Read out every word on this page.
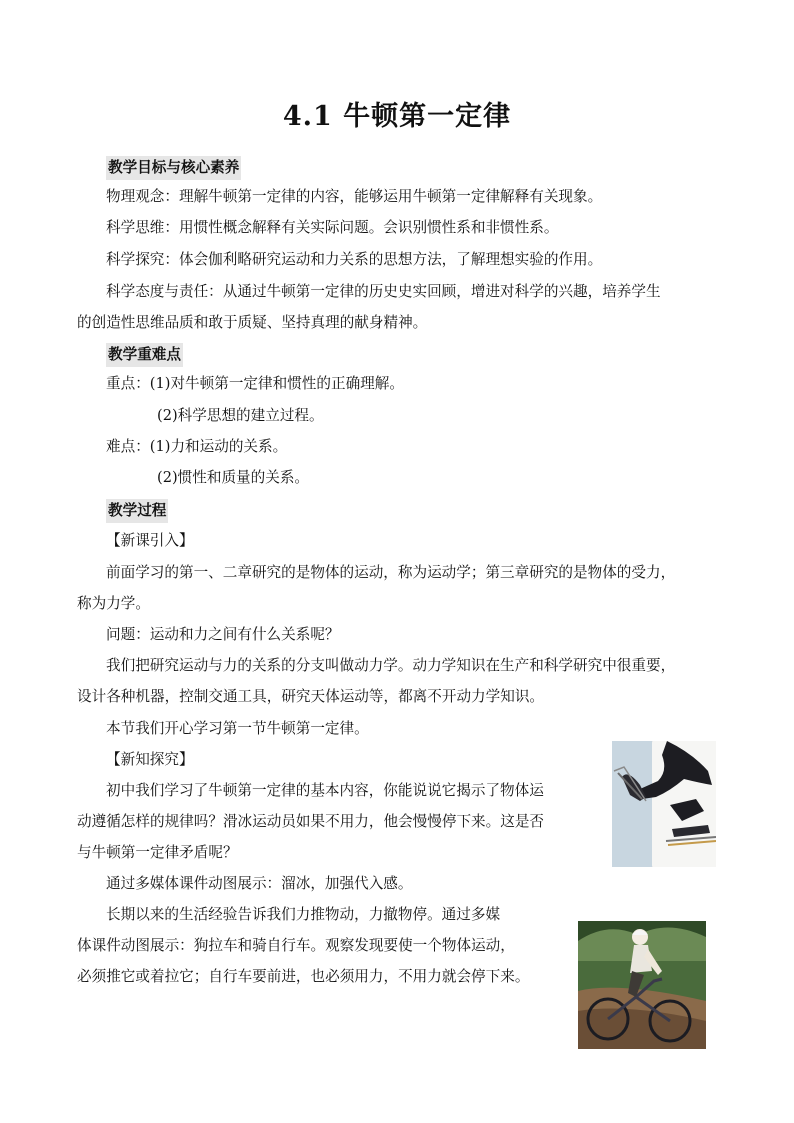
4.1 牛顿第一定律
教学目标与核心素养
物理观念：理解牛顿第一定律的内容，能够运用牛顿第一定律解释有关现象。
科学思维：用惯性概念解释有关实际问题。会识别惯性系和非惯性系。
科学探究：体会伽利略研究运动和力关系的思想方法，了解理想实验的作用。
科学态度与责任：从通过牛顿第一定律的历史史实回顾，增进对科学的兴趣，培养学生
的创造性思维品质和敢于质疑、坚持真理的献身精神。
教学重难点
重点：(1)对牛顿第一定律和惯性的正确理解。
(2)科学思想的建立过程。
难点：(1)力和运动的关系。
(2)惯性和质量的关系。
教学过程
【新课引入】
前面学习的第一、二章研究的是物体的运动，称为运动学；第三章研究的是物体的受力，
称为力学。
问题：运动和力之间有什么关系呢？
我们把研究运动与力的关系的分支叫做动力学。动力学知识在生产和科学研究中很重要，
设计各种机器，控制交通工具，研究天体运动等，都离不开动力学知识。
本节我们开心学习第一节牛顿第一定律。
【新知探究】
初中我们学习了牛顿第一定律的基本内容，你能说说它揭示了物体运
动遵循怎样的规律吗？滑冰运动员如果不用力，他会慢慢停下来。这是否
与牛顿第一定律矛盾呢？
通过多媒体课件动图展示：溜冰，加强代入感。
长期以来的生活经验告诉我们力推物动，力撤物停。通过多媒
体课件动图展示：狗拉车和骑自行车。观察发现要使一个物体运动，
必须推它或着拉它；自行车要前进，也必须用力，不用力就会停下来。
